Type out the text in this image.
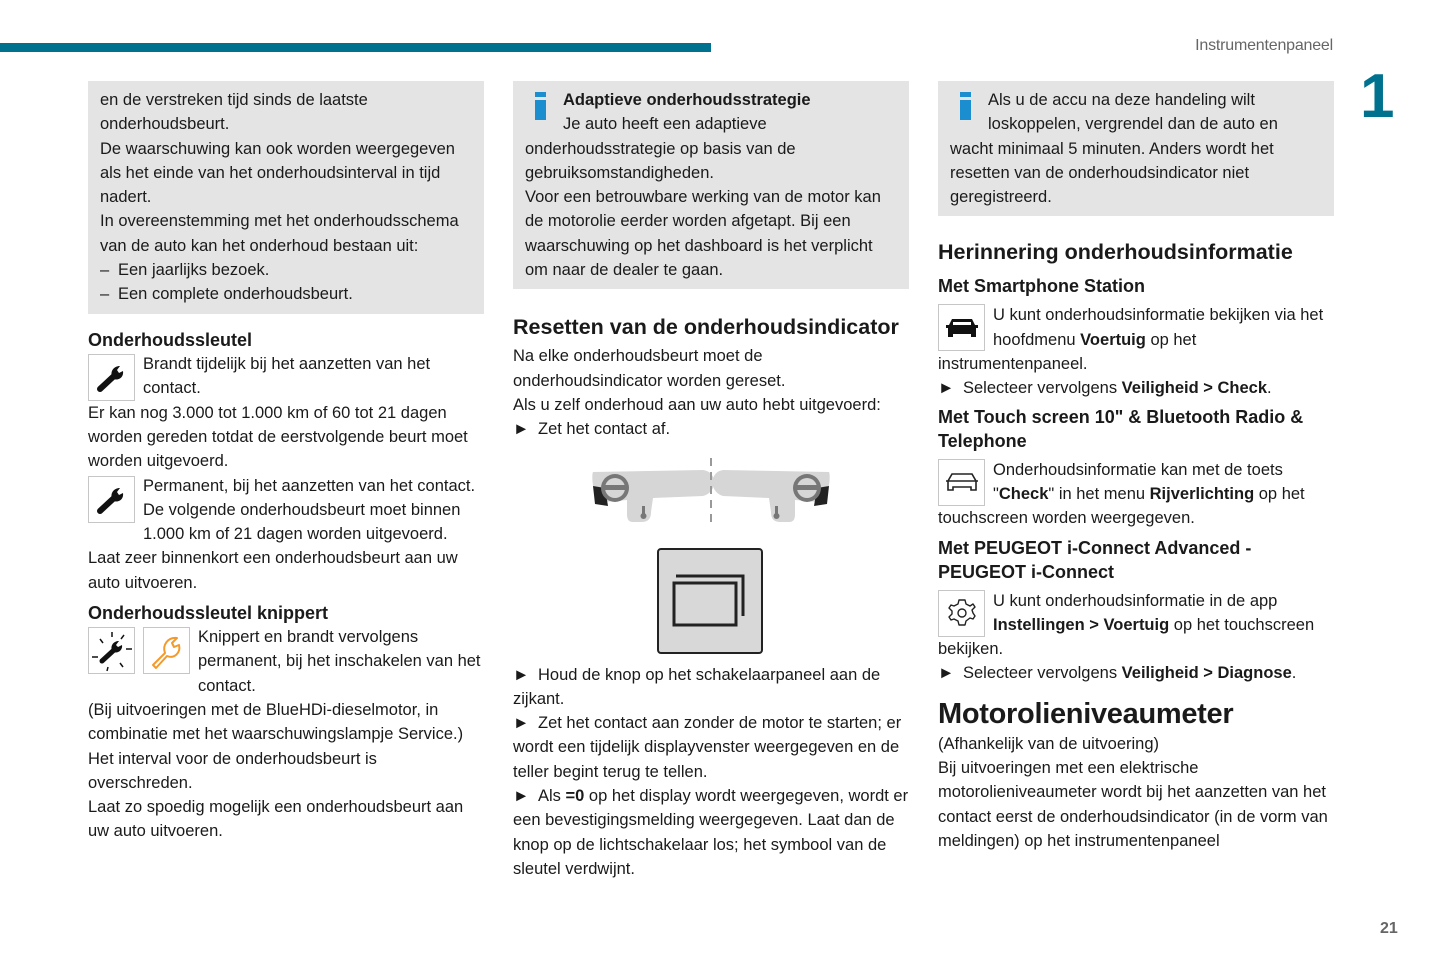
Instrumentenpaneel
1
21

en de verstreken tijd sinds de laatste onderhoudsbeurt.

De waarschuwing kan ook worden weergegeven als het einde van het onderhoudsinterval in tijd nadert.

In overeenstemming met het onderhoudsschema van de auto kan het onderhoud bestaan uit:

– Een jaarlijks bezoek.
– Een complete onderhoudsbeurt.
Onderhoudssleutel

Brandt tijdelijk bij het aanzetten van het contact.

Er kan nog 3.000 tot 1.000 km of 60 tot 21 dagen worden gereden totdat de eerstvolgende beurt moet worden uitgevoerd.

Permanent, bij het aanzetten van het contact. De volgende onderhoudsbeurt moet binnen 1.000 km of 21 dagen worden uitgevoerd.

Laat zeer binnenkort een onderhoudsbeurt aan uw auto uitvoeren.

Onderhoudssleutel knippert

Knippert en brandt vervolgens permanent, bij het inschakelen van het contact.

(Bij uitvoeringen met de BlueHDi-dieselmotor, in combinatie met het waarschuwingslampje Service.)

Het interval voor de onderhoudsbeurt is overschreden.

Laat zo spoedig mogelijk een onderhoudsbeurt aan uw auto uitvoeren.

Adaptieve onderhoudsstrategie

Je auto heeft een adaptieve onderhoudsstrategie op basis van de gebruiksomstandigheden.

Voor een betrouwbare werking van de motor kan de motorolie eerder worden afgetapt. Bij een waarschuwing op het dashboard is het verplicht om naar de dealer te gaan.

Resetten van de onderhoudsindicator

Na elke onderhoudsbeurt moet de onderhoudsindicator worden gereset.

Als u zelf onderhoud aan uw auto hebt uitgevoerd:

► Zet het contact af.

► Houd de knop op het schakelaarpaneel aan de zijkant.

► Zet het contact aan zonder de motor te starten; er wordt een tijdelijk displayvenster weergegeven en de teller begint terug te tellen.

► Als =0 op het display wordt weergegeven, wordt er een bevestigingsmelding weergegeven. Laat dan de knop op de lichtschakelaar los; het symbool van de sleutel verdwijnt.

Als u de accu na deze handeling wilt loskoppelen, vergrendel dan de auto en wacht minimaal 5 minuten. Anders wordt het resetten van de onderhoudsindicator niet geregistreerd.

Herinnering onderhoudsinformatie
Met Smartphone Station

U kunt onderhoudsinformatie bekijken via het hoofdmenu Voertuig op het instrumentenpaneel.

► Selecteer vervolgens Veiligheid > Check.

Met Touch screen 10" & Bluetooth Radio & Telephone

Onderhoudsinformatie kan met de toets "Check" in het menu Rijverlichting op het touchscreen worden weergegeven.

Met PEUGEOT i-Connect Advanced - PEUGEOT i-Connect

U kunt onderhoudsinformatie in de app Instellingen > Voertuig op het touchscreen bekijken.

► Selecteer vervolgens Veiligheid > Diagnose.

Motorolieniveaumeter

(Afhankelijk van de uitvoering)

Bij uitvoeringen met een elektrische motorolieniveaumeter wordt bij het aanzetten van het contact eerst de onderhoudsindicator (in de vorm van meldingen) op het instrumentenpaneel
